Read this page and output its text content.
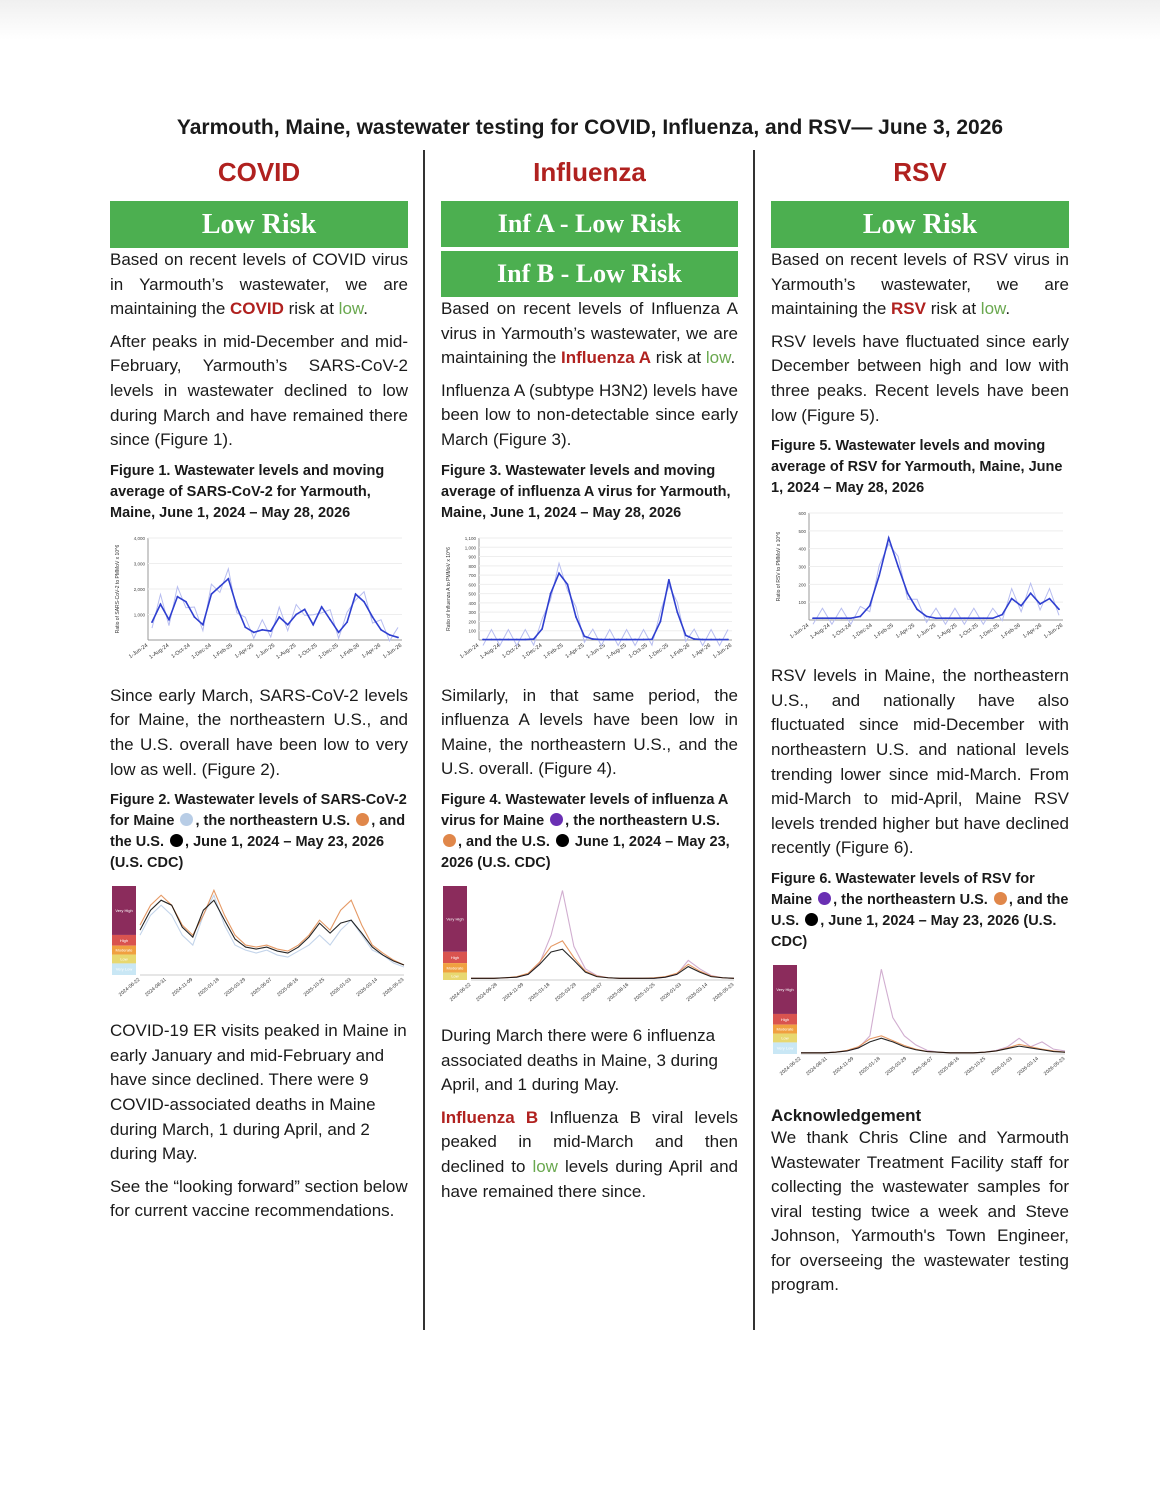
Yarmouth, Maine, wastewater testing for COVID, Influenza, and RSV— June 3, 2026
COVID
Low Risk

Based on recent levels of COVID virus in Yarmouth’s wastewater, we are maintaining the COVID risk at low.

After peaks in mid-December and mid-February, Yarmouth’s SARS-CoV-2 levels in wastewater declined to low during March and have remained there since (Figure 1).

Figure 1. Wastewater levels and moving average of SARS-CoV-2 for Yarmouth, Maine, June 1, 2024 – May 28, 2026
1,000
2,000
3,000
4,000
Ratio of SARS-CoV-2 to PMMoV x 10^6
1-Jun-24 1-Aug-24 1-Oct-24 1-Dec-24 1-Feb-25 1-Apr-25 1-Jun-25 1-Aug-25 1-Oct-25 1-Dec-25 1-Feb-26 1-Apr-26 1-Jun-26

Since early March, SARS-CoV-2 levels for Maine, the northeastern U.S., and the U.S. overall have been low to very low as well. (Figure 2).

Figure 2. Wastewater levels of SARS-CoV-2 for Maine , the northeastern U.S. , and the U.S. , June 1, 2024 – May 23, 2026 (U.S. CDC)
Very High
High
Moderate
Low
Very Low
2024-06-22 2024-08-31 2024-11-09 2025-01-18 2025-03-29 2025-06-07 2025-08-16 2025-10-25 2026-01-03 2026-03-14 2026-05-23

COVID-19 ER visits peaked in Maine in early January and mid-February and have since declined. There were 9 COVID-associated deaths in Maine during March, 1 during April, and 2 during May.

See the “looking forward” section below for current vaccine recommendations.

Influenza
Inf A - Low Risk
Inf B - Low Risk

Based on recent levels of Influenza A virus in Yarmouth’s wastewater, we are maintaining the Influenza A risk at low.

Influenza A (subtype H3N2) levels have been low to non-detectable since early March (Figure 3).

Figure 3. Wastewater levels and moving average of influenza A virus for Yarmouth, Maine, June 1, 2024 – May 28, 2026
100
200
300
400
500
600
700
800
900
1,000
1,100
Ratio of Influenza A to PMMoV x 10^6
1-Jun-24 1-Aug-24 1-Oct-24 1-Dec-24 1-Feb-25 1-Apr-25 1-Jun-25 1-Aug-25 1-Oct-25 1-Dec-25 1-Feb-26 1-Apr-26 1-Jun-26

Similarly, in that same period, the influenza A levels have been low in Maine, the northeastern U.S., and the U.S. overall. (Figure 4).

Figure 4. Wastewater levels of influenza A virus for Maine , the northeastern U.S. , and the U.S.  June 1, 2024 – May 23, 2026 (U.S. CDC)
Very High
High
Moderate
Low
2024-06-22 2024-09-28 2024-11-09 2025-01-18 2025-03-29 2025-06-07 2025-08-16 2025-10-25 2026-01-03 2026-03-14 2026-05-23

During March there were 6 influenza associated deaths in Maine, 3 during April, and 1 during May.

Influenza B Influenza B viral levels peaked in mid-March and then declined to low levels during April and have remained there since.

RSV
Low Risk

Based on recent levels of RSV virus in Yarmouth’s wastewater, we are maintaining the RSV risk at low.

RSV levels have fluctuated since early December between high and low with three peaks. Recent levels have been low (Figure 5).

Figure 5. Wastewater levels and moving average of RSV for Yarmouth, Maine, June 1, 2024 – May 28, 2026
100
200
300
400
500
600
Ratio of RSV to PMMoV x 10^6
1-Jun-24 1-Aug-24 1-Oct-24 1-Dec-24 1-Feb-25 1-Apr-25 1-Jun-25 1-Aug-25 1-Oct-25 1-Dec-25 1-Feb-26 1-Apr-26 1-Jun-26

RSV levels in Maine, the northeastern U.S., and nationally have also fluctuated since mid-December with northeastern U.S. and national levels trending lower since mid-March. From mid-March to mid-April, Maine RSV levels trended higher but have declined recently (Figure 6).

Figure 6. Wastewater levels of RSV for Maine , the northeastern U.S. , and the U.S. , June 1, 2024 – May 23, 2026 (U.S. CDC)
Very High
High
Moderate
Low
Very Low
2024-06-22 2024-08-31 2024-11-09 2025-01-18 2025-03-29 2025-06-07 2025-08-16 2025-10-25 2026-01-03 2026-03-14 2026-05-23
Acknowledgement

We thank Chris Cline and Yarmouth Wastewater Treatment Facility staff for collecting the wastewater samples for viral testing twice a week and Steve Johnson, Yarmouth's Town Engineer, for overseeing the wastewater testing program.
